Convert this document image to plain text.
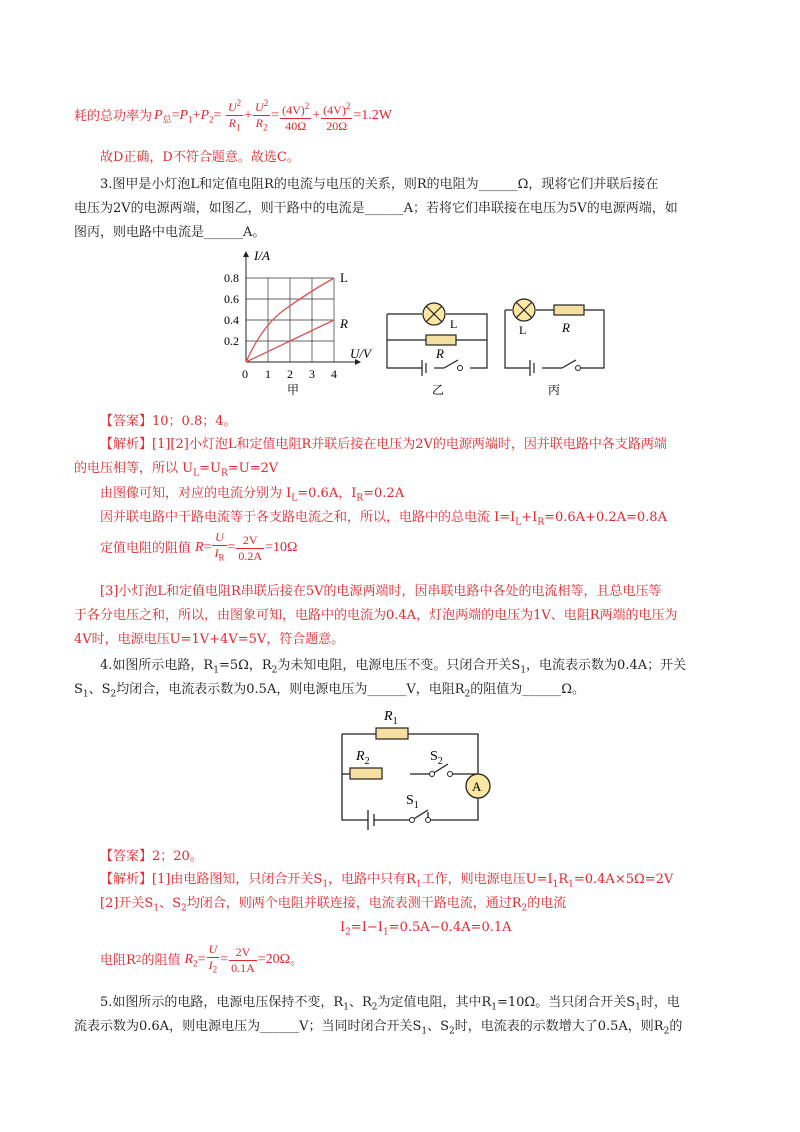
耗的总功率为 $P_总=P_1+P_2= \frac{U^2}{R_1} + \frac{U^2}{R_2} = \frac{(4V)^2}{40\Omega} + \frac{(4V)^2}{20\Omega} =1.2W$
故D正确，D不符合题意。故选C。
3.图甲是小灯泡L和定值电阻R的电流与电压的关系，则R的电阻为______Ω，现将它们并联后接在
电压为2V的电源两端，如图乙，则干路中的电流是______A；若将它们串联接在电压为5V的电源两端，如
图丙，则电路中电流是______A。
I/A
U/V
0.8
0.6
0.4
0.2
0 1 2 3 4
L
R
甲
L
R
乙
L	R
丙
【答案】10；0.8；4。
【解析】[1][2]小灯泡L和定值电阻R并联后接在电压为2V的电源两端时，因并联电路中各支路两端
的电压相等，所以 $U_L=U_R=U=2V$
由图像可知，对应的电流分别为 $I_L=0.6A$，$I_R=0.2A$
因并联电路中干路电流等于各支路电流之和，所以，电路中的总电流 $I=I_L+I_R=0.6A+0.2A=0.8A$
定值电阻的阻值 $R= \frac{U}{I_R} = \frac{2V}{0.2A} =10\Omega$
[3]小灯泡L和定值电阻R串联后接在5V的电源两端时，因串联电路中各处的电流相等，且总电压等
于各分电压之和，所以，由图象可知，电路中的电流为0.4A，灯泡两端的电压为1V、电阻R两端的电压为
4V时，电源电压U=1V+4V=5V，符合题意。
4.如图所示电路，$R_1=5\Omega$，$R_2$为未知电阻，电源电压不变。只闭合开关$S_1$，电流表示数为0.4A；开关
$S_1$、$S_2$均闭合，电流表示数为0.5A，则电源电压为______V，电阻$R_2$的阻值为______Ω。
A
$R_1$
$R_2$	$S_2$
$S_1$
【答案】2；20。
【解析】[1]由电路图知，只闭合开关$S_1$，电路中只有$R_1$工作，则电源电压$U=I_1R_1=0.4A\times 5\Omega=2V$
[2]开关$S_1$、$S_2$均闭合，则两个电阻并联连接，电流表测干路电流，通过$R_2$的电流
$I_2=I-I_1=0.5A-0.4A=0.1A$
电阻R 2 的阻值 $R_2= \frac{U}{I_2} = \frac{2V}{0.1A} =20\Omega$ 。
5.如图所示的电路，电源电压保持不变，$R_1$、$R_2$为定值电阻，其中$R_1=10\Omega$。当只闭合开关$S_1$时，电
流表示数为0.6A，则电源电压为______V；当同时闭合开关$S_1$、$S_2$时，电流表的示数增大了0.5A，则$R_2$的
